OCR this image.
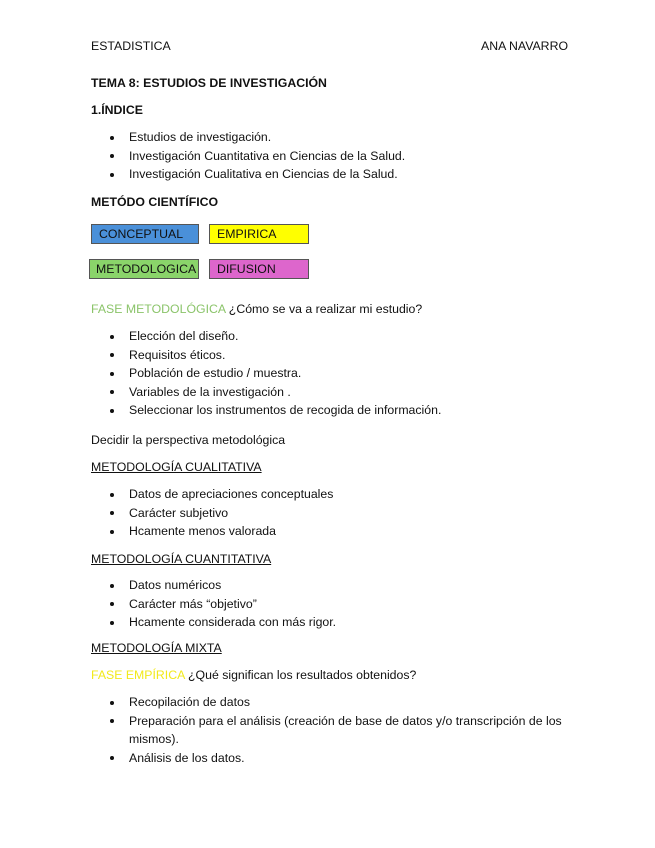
ESTADISTICA	ANA NAVARRO
TEMA 8: ESTUDIOS DE INVESTIGACIÓN
1.ÍNDICE
Estudios de investigación.
Investigación Cuantitativa en Ciencias de la Salud.
Investigación Cualitativa en Ciencias de la Salud.
METÓDO CIENTÍFICO
CONCEPTUAL	EMPIRICA
METODOLOGICA	DIFUSION
FASE METODOLÓGICA ¿Cómo se va a realizar mi estudio?
Elección del diseño.
Requisitos éticos.
Población de estudio / muestra.
Variables de la investigación .
Seleccionar los instrumentos de recogida de información.
Decidir la perspectiva metodológica
METODOLOGÍA CUALITATIVA
Datos de apreciaciones conceptuales
Carácter subjetivo
Hcamente menos valorada
METODOLOGÍA CUANTITATIVA
Datos numéricos
Carácter más “objetivo”
Hcamente considerada con más rigor.
METODOLOGÍA MIXTA
FASE EMPÍRICA ¿Qué significan los resultados obtenidos?
Recopilación de datos
Preparación para el análisis (creación de base de datos y/o transcripción de los mismos).
Análisis de los datos.
